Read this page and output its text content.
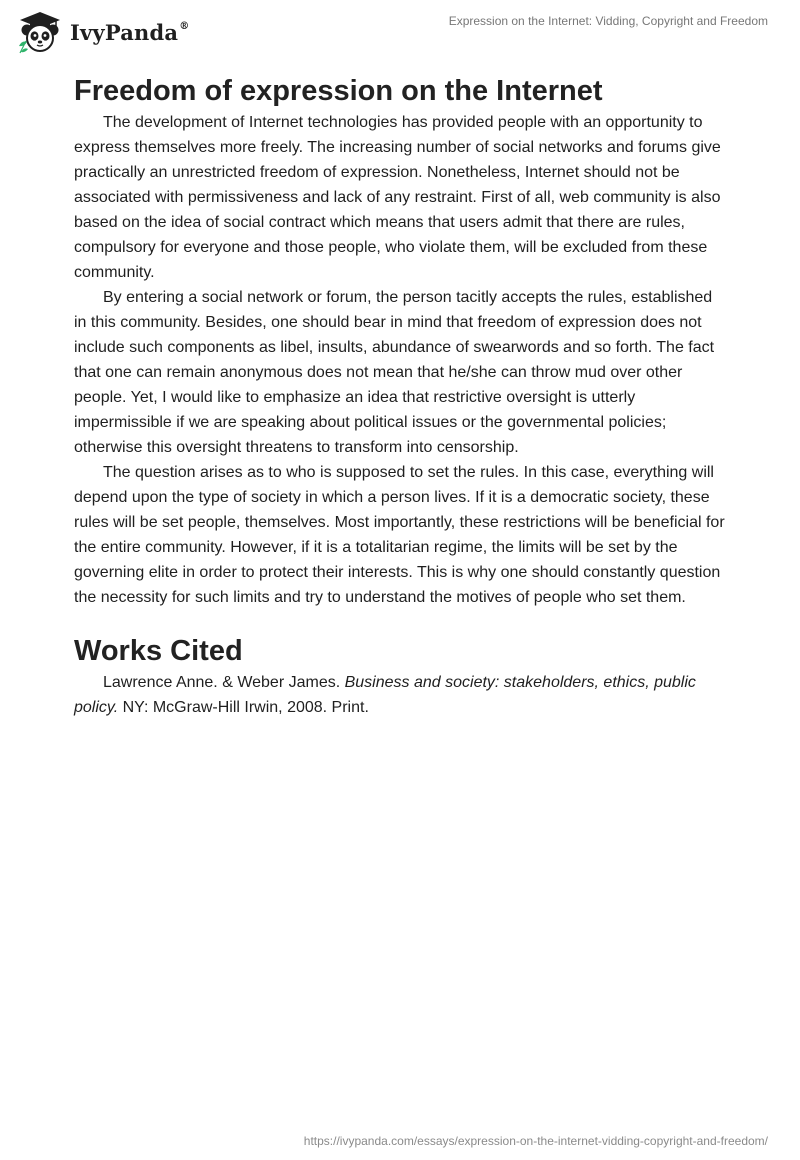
IvyPanda®	Expression on the Internet: Vidding, Copyright and Freedom
Freedom of expression on the Internet

The development of Internet technologies has provided people with an opportunity to express themselves more freely. The increasing number of social networks and forums give practically an unrestricted freedom of expression. Nonetheless, Internet should not be associated with permissiveness and lack of any restraint. First of all, web community is also based on the idea of social contract which means that users admit that there are rules, compulsory for everyone and those people, who violate them, will be excluded from these community.

By entering a social network or forum, the person tacitly accepts the rules, established in this community. Besides, one should bear in mind that freedom of expression does not include such components as libel, insults, abundance of swearwords and so forth. The fact that one can remain anonymous does not mean that he/she can throw mud over other people. Yet, I would like to emphasize an idea that restrictive oversight is utterly impermissible if we are speaking about political issues or the governmental policies; otherwise this oversight threatens to transform into censorship.

The question arises as to who is supposed to set the rules. In this case, everything will depend upon the type of society in which a person lives. If it is a democratic society, these rules will be set people, themselves. Most importantly, these restrictions will be beneficial for the entire community. However, if it is a totalitarian regime, the limits will be set by the governing elite in order to protect their interests. This is why one should constantly question the necessity for such limits and try to understand the motives of people who set them.

Works Cited

Lawrence Anne. & Weber James. Business and society: stakeholders, ethics, public policy. NY: McGraw-Hill Irwin, 2008. Print.

https://ivypanda.com/essays/expression-on-the-internet-vidding-copyright-and-freedom/
